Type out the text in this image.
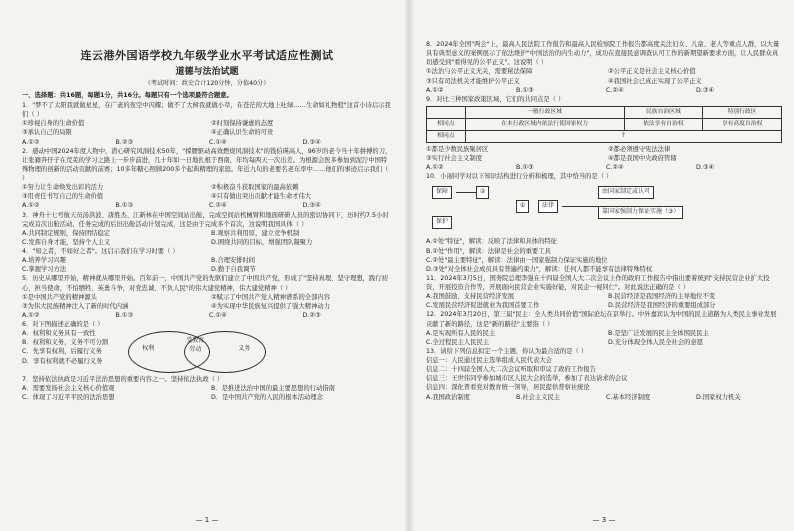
连云港外国语学校九年级学业水平考试适应性测试
道德与法治试题
（考试时间：政史合计120分钟，分值40分）
一、选择题：共16题，每题1分，共16分。每题只有一个选项最符合题意。
1．"梦不了太阳我就做星星，在广袤的夜空中闪耀；做不了大树我就做小草，在苍茫的大地上吐绿……生命如礼物般"这首小诗启示我们（ ）
①珍视自身的生命价值	②时刻保持谦虚的态度
③承认自己的局限	④正确认识生命的可贵
A.①②	B.②③	C.①④	D.③④
2．感动中国2024年度人物中，潜心研究风洞技术50年，"撑腰驱动高效燃烧风洞技术"的钱伯瑛高人，96岁的老今当十年拼搏的刀，让张籍奔仔子在荒芜的学习之路上一步步前进，几十年如一日地扎根于西南，年均每两天一次出差。为根源会医多参加到泥泞中国特殊物理的创新的活动贡献的前赛；10多年糖心照顾200多个起典精理的家庭。年近九旬的老要名老东率中……他们的事迹启示我们（ ）
①努力让生命焕发出彩的活力	②积极奋斗获取国家的最高依赖
③用责任书写自己的生命价值	④只有做出突出贡献才能生命才伟大
A.①②	B.①③	C.②④	D.③④
3．神舟十七号航天员汤洪波、唐胜杰、江新林在中国空间站出舱，完成空间站机械臂和地面研研人员的密切协同下，历时约7.5小时完成首次出舱活动，任务完成的后旧出舱活动计划完成，这是由于完成多个首次，这说明我国具体（ ）
A.共同制定规则，保持团结稳定	B.观察共利用原，建立竞争机制
C.发挥自身才能，坚持个人主义	D.围绕共同的目标，增强团队凝聚力
4．"知之者，不如好之者"。这启示我们在学习时要（ ）
A.培养学习兴趣	B.合理安排时间
C.掌握学习方法	D.勤于自我调节
5．历史从哪里开始，精神就从哪里开始。百年前一，中国共产党的先驱们建立了中国共产党，形成了"坚持真理、坚守理想，践行初心、担当使命，不怕牺牲、英勇斗争，对党忠诚、不负人民"的伟大建党精神，伟大建党精神（ ）
①是中国共产党的精神源头	②赋示了中国共产党人精神谱系的全部内容
③为伟大民族精神注入了新的时代内涵	④为实现中华民族复兴提供了强大精神动力
A.①②	B.①③	C.①④	D.②③
6．对下图描述正确的是（ ）
A．权利和义务具有一致性
B．权利和义务，义务不可分割
C．先享有权利，后履行义务
D．享有权利就不必履行义务
权利
受教育
劳动	义务
7．坚持依法执政是习近平法治思想的重要内容之一。坚持依法执政（ ）
A．需要发扬社会主义核心价值观	B．是推进法治中国的最主要思想的行动指南
C．体现了习近平平民的法治思想	D．是中国共产党的人民的根本活动理念
— 1 —
8．2024年全国"两会"上，最高人民法院工作报告和最高人民检察院工作报告都高度关注妇女、儿童、老人等重点人群，以大量具有典型意义的案例展示了依法维护"中国法治的内生动力"，成功在直接民意调查认可工作的新期望新要求方面，让人民群众真切感受到"看得见的公平正义"。这说明（ ）
①法治与公平正义无关，需要秘法保障	②公平正义是社会主义核心价值
③只有司法机关才能维护公平正义	④我国社会已真正实现了公平正义
A.①②	B.①③	C.②④	D.③④
9．对比三种国家政策区域，它们的共同点是（ ）
	一般行政区域	民族自治区域	特别行政区
相同点	在本行政区域内依法行使国家权力	依法享有自治权	享有高度自治权
相同点	?		
①都是少数民族聚居区	②都必须遵守宪法法律
③实行社会主义制度	④都是我国中央政府管辖
A.①②	B.①③	C.②④	D.③④
10．小丽同学对以下知识结构进行分析和梳理，其中恰当的是（ ）
保障	②
①	法律
由国家制定或认可
靠国家强制力保证实施（③）
保护
A.①处"特征"，解读：反映了法律和具体的特征
B.①处"作用"，解读：法律是社会的重要工具
C.②处"最主要特征"，解读：法律由一国家强制力保证实施的地位
D.③处"对全体社会成员具有普遍约束力"，解读：任何人都不能享有法律特殊特权
11．2024年3月5日，国务院总理李强在十四届全国人大二次会议上作的政府工作报告中指出要着统到"支持民营企业扩大投资，开展投资合作等，开展面向民营企业实施好能，对民企一视同仁"。对此说法正确的是（ ）
A.我国鼓励、支持民营经济发展	B.民营经济是我国经济的主导地位不变
C.发展民营经济促进就业为我国首要工作	D.民营经济是我国经济的重要组成部分
12．2024年3月20日，第三届"民主：全人类共同价值"国际论坛在京举行。中外嘉宾认为中国的民主道路为人类民主事业发展贡献了新的路径，这是"新的路径"主要指（ ）
A.是实现所有人民的民主	B.是坚广泛发展的民主全体国民民主
C.全过程民主人民民主	D.充分体现全体人民全社会的意愿
13．请给下列信息拟定一个主题，你认为最合适的是（ ）

信息一：人民通过民主选举组成人民代表大会

信息二：十四届全国人大二次会议听取和审议了政府工作报告

信息三：王世伟同学参加城市区人民大会的选举，参加了表达请求的会议

信息四：深化普看党对教育统一领导，居民提供普察社统论

A.我国政治制度	B.社会主义民主	C.基本经济制度	D.国家权力机关
— 3 —
